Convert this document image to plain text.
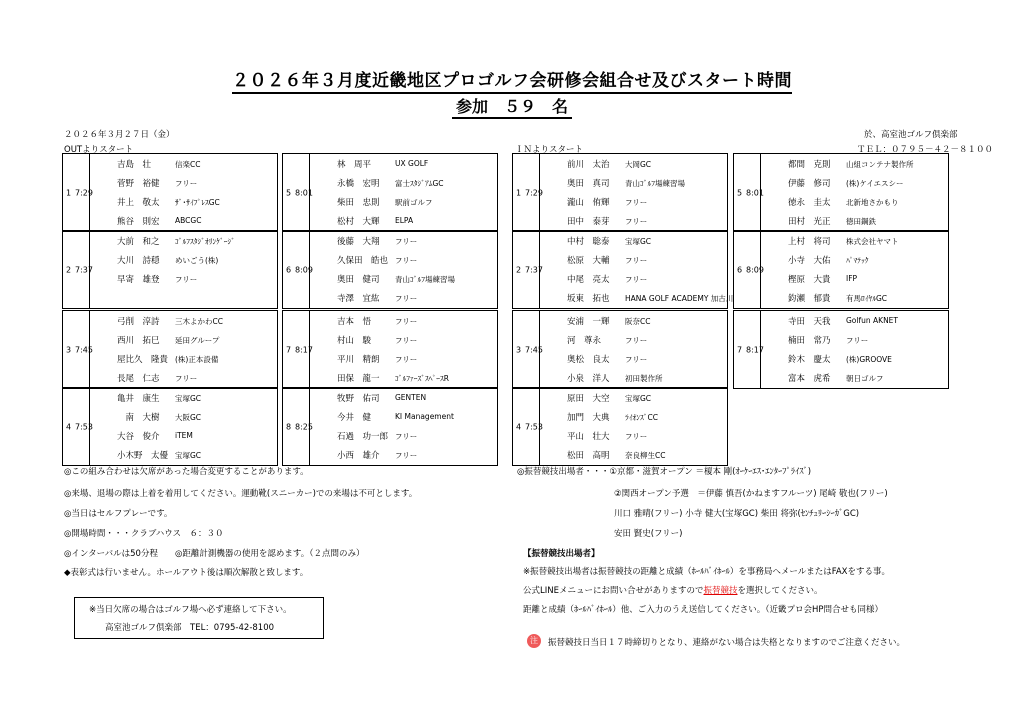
２０２６年３月度近畿地区プロゴルフ会研修会組合せ及びスタート時間
参加　５９　名
２０２６年３月２７日（金）	於、高室池ゴルフ倶楽部
OUTよりスタート	ＩＮよりスタート	ＴＥＬ：０７９５－４２－８１００
1 7:29
吉島　壮	信楽CC
菅野　裕健 フリー
井上　敬太 ｻﾞ･ｻｲﾌﾟﾚｽGC
熊谷　則宏 ABCGC
2 7:37
大前　和之 ｺﾞﾙﾌｽﾀｼﾞｵﾘﾝｹﾞｰｼﾞ
大川　詩穏 めいごう(株)
早寄　雄登 フリー
3 7:45
弓削　淳詩 三木よかわCC
西川　拓巳 延田グループ
屋比久　隆貴 (株)正本設備
長尾　仁志 フリー
4 7:53
亀井　康生 宝塚GC
　南　大樹 大阪GC
大谷　俊介 iTEM
小木野　太優 宝塚GC
5 8:01
林　周平	UX GOLF
永橋　宏明 富士ｽﾀｼﾞｱﾑGC
柴田　忠則 駅前ゴルフ
松村　大輝 ELPA
6 8:09
後藤　大翔 フリー
久保田　皓也 フリー
奥田　健司 青山ｺﾞﾙﾌ場練習場
寺澤　宜紘 フリー
7 8:17
吉本　悟	フリー
村山　駿	フリー
平川　精朗 フリー
田保　龍一 ｺﾞﾙﾌｧｰｽﾞｽﾍﾟｰｽR
8 8:25
牧野　佑司 GENTEN
今井　健	KI Management
石過　功一郎 フリー
小西　雄介 フリー
1 7:29
前川　太治 大岡GC
奥田　真司 青山ｺﾞﾙﾌ場練習場
瀧山　侑輝 フリー
田中　泰芽 フリー
2 7:37
中村　聡泰 宝塚GC
松原　大輔 フリー
中尾　亮太 フリー
坂東　拓也 HANA GOLF ACADEMY 加古川
3 7:45
安浦　一輝 阪奈CC
河　尊永	フリー
奥松　良太 フリー
小泉　洋人 初田製作所
4 7:53
原田　大空 宝塚GC
加門　大典 ﾗｲｵﾝｽﾞCC
平山　壮大 フリー
松田　高明 奈良柳生CC
5 8:01
都間　克則 山組コンテナ製作所
伊藤　修司 (株)ケイエスシー
徳永　圭太 北新地さかもり
田村　光正 徳田鋼鉄
6 8:09
上村　将司 株式会社ヤマト
小寺　大佑 ﾊﾟﾏﾃｯｸ
樫原　大貴 IFP
鈞瀬　郁貴 有馬ﾛｲﾔﾙGC
7 8:17
寺田　天我 Golfun AKNET
楠田　常乃 フリー
鈴木　慶太 (株)GROOVE
富本　虎希 朝日ゴルフ
◎この組み合わせは欠席があった場合変更することがあります。
◎来場、退場の際は上着を着用してください。運動靴(スニーカー)での来場は不可とします。
◎当日はセルフプレーです。
◎開場時間・・・クラブハウス　６：３０
◎インターバルは50分程　　◎距離計測機器の使用を認めます。（２点間のみ）
◆表彰式は行いません。ホールアウト後は順次解散と致します。
◎振替競技出場者・・・①京都・滋賀オープン ＝榎本 剛(ｵｰｹｰｴｽ･ｴﾝﾀｰﾌﾟﾗｲｽﾞ)
②関西オープン予選　＝伊藤 慎吾(かねますフルーツ) 尾崎 敬也(フリー)
川口 雅晴(フリー) 小寺 健大(宝塚GC) 柴田 将弥(ｾﾝﾁｭﾘｰｼｰｶﾞGC)
安田 賢史(フリー)
【振替競技出場者】
※振替競技出場者は振替競技の距離と成績（ﾎｰﾙﾊﾞｲﾎｰﾙ）を事務局へメールまたはFAXをする事。
公式LINEメニューにお問い合せがありますので振替競技を選択してください。
距離と成績（ﾎｰﾙﾊﾞｲﾎｰﾙ）他、ご入力のうえ送信してください。（近畿プロ会HP問合せも同様）
注	振替競技日当日１７時締切りとなり、連絡がない場合は失格となりますのでご注意ください。
※当日欠席の場合はゴルフ場へ必ず連絡して下さい。
高室池ゴルフ倶楽部　TEL：0795-42-8100
